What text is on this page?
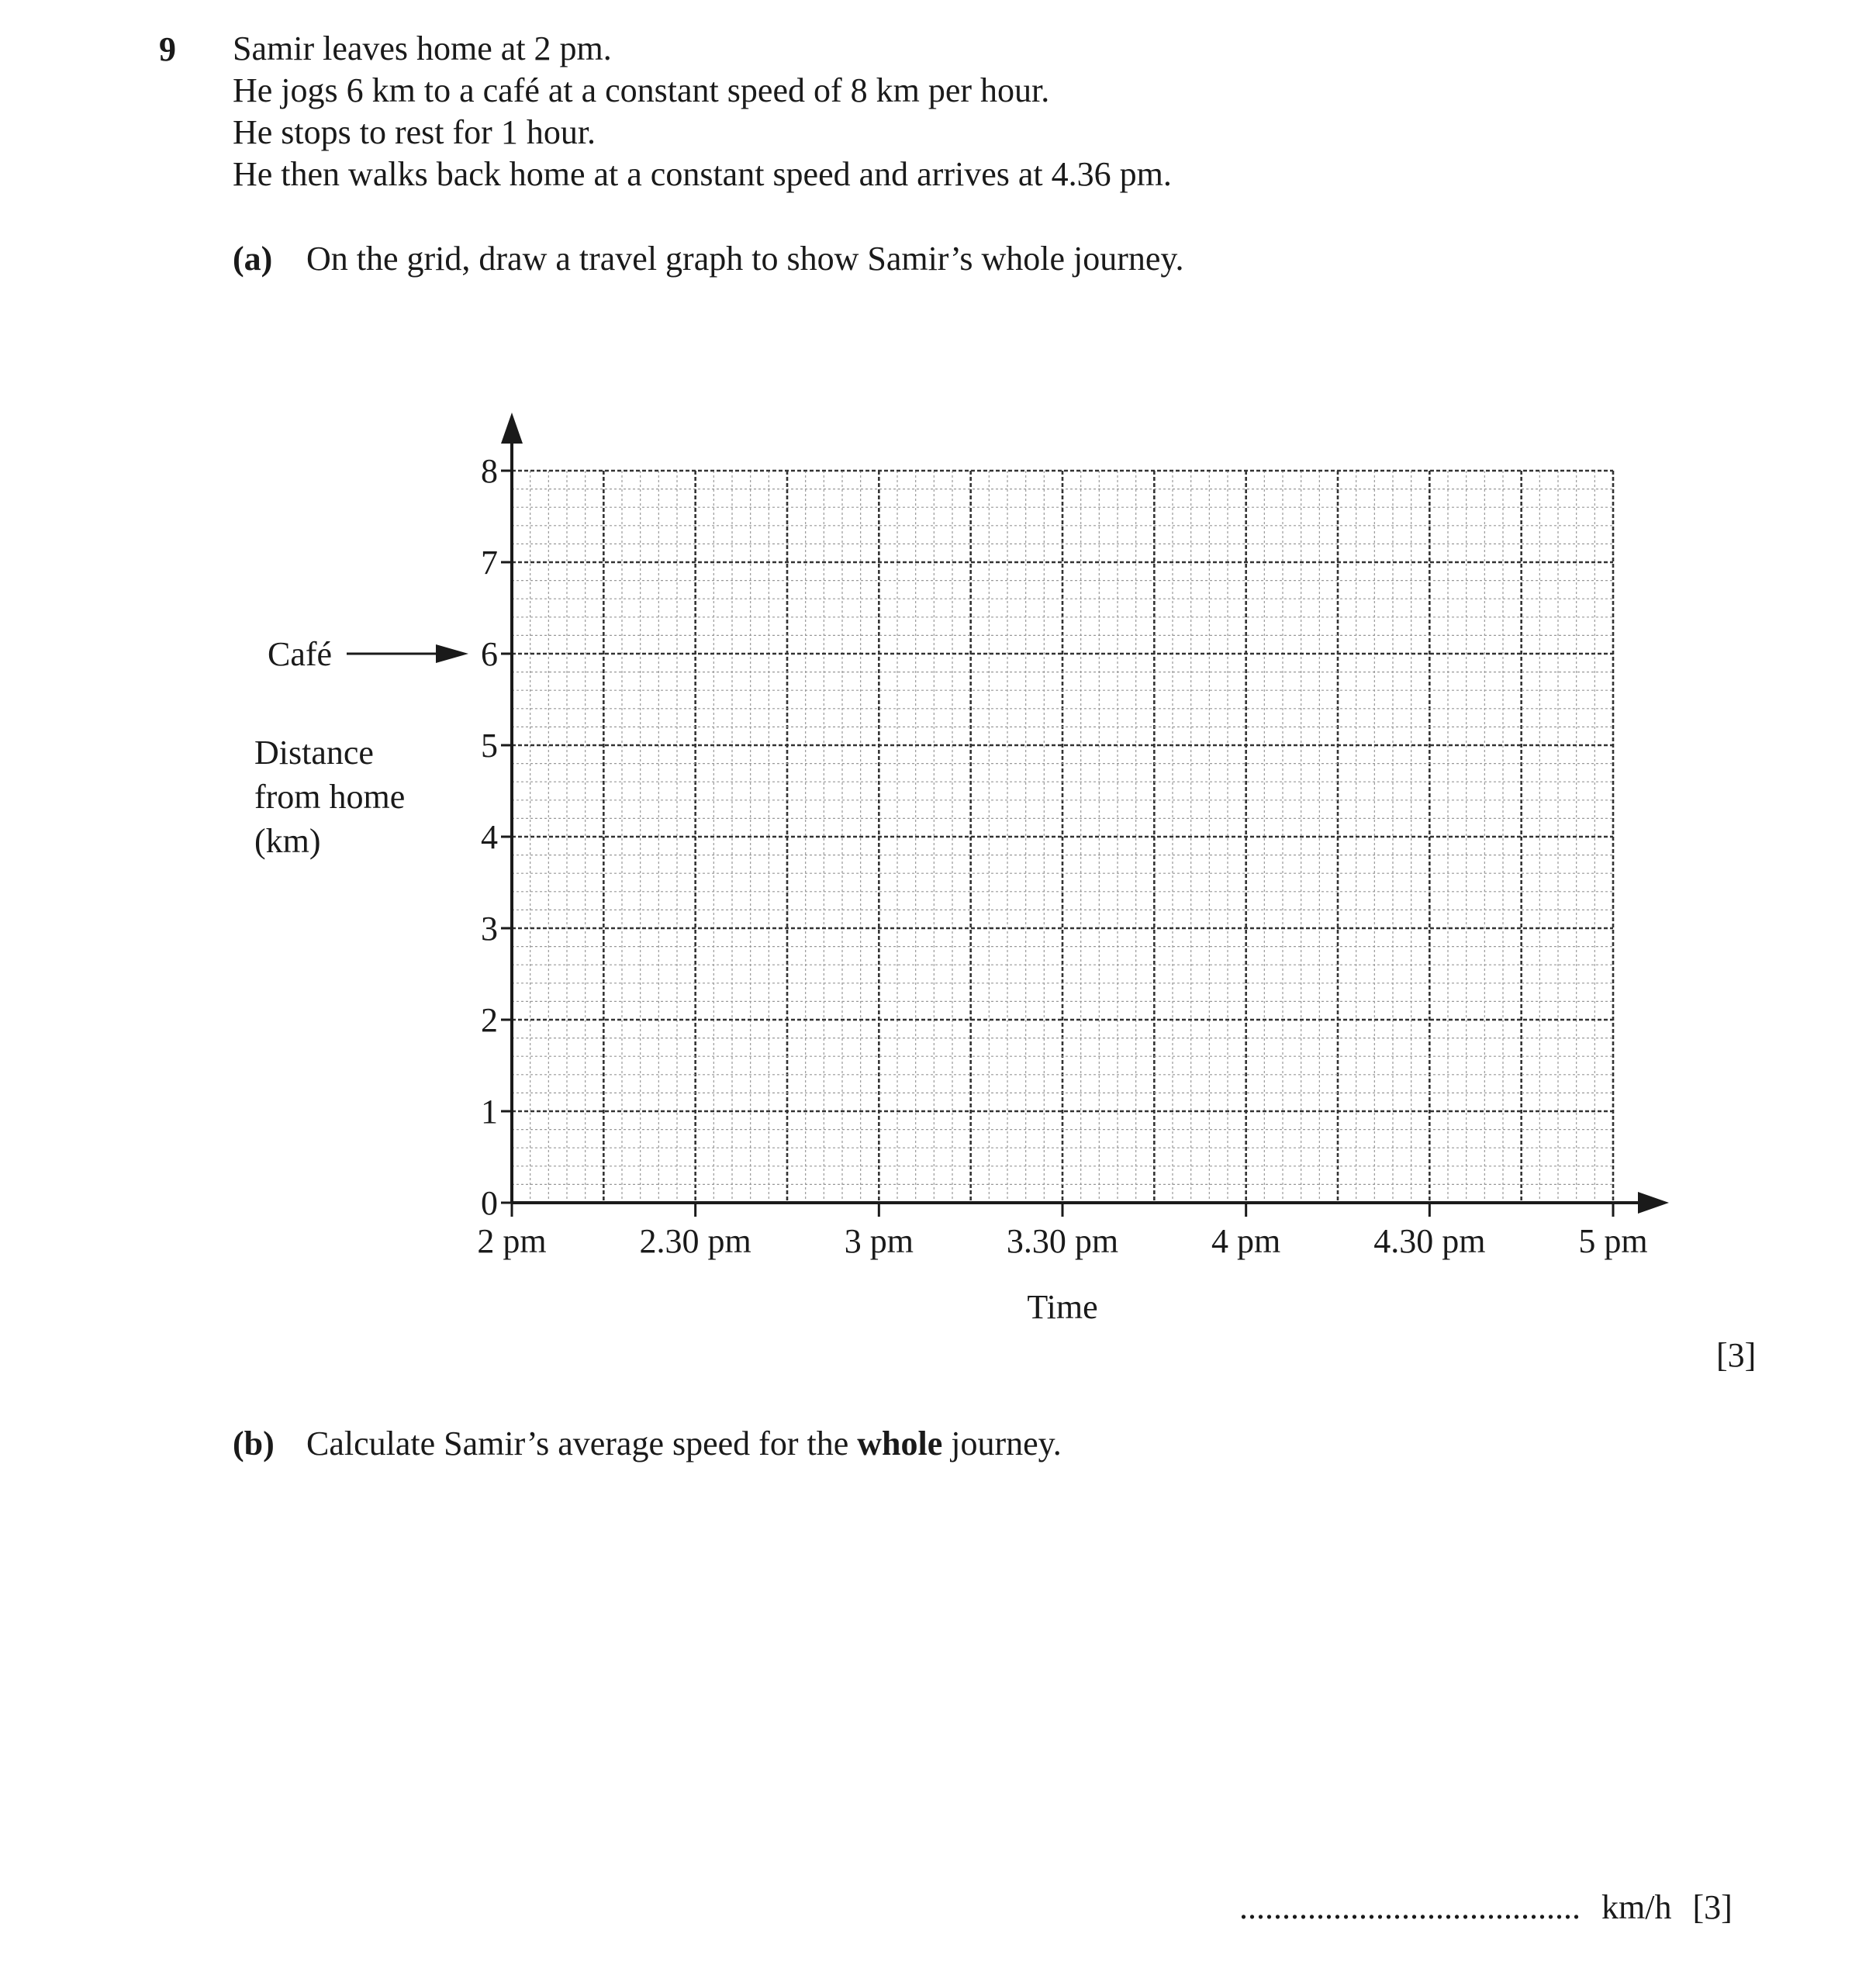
9 Samir leaves home at 2 pm.
He jogs 6 km to a café at a constant speed of 8 km per hour.
He stops to rest for 1 hour.
He then walks back home at a constant speed and arrives at 4.36 pm.
(a) On the grid, draw a travel graph to show Samir’s whole journey.
0
1
2
3
4
5
6
7
8
2 pm	2.30 pm	3 pm	3.30 pm	4 pm	4.30 pm	5 pm
Time
Distance
from home
(km)
Café
[3]
(b) Calculate Samir’s average speed for the whole journey.
........................................ km/h [3]
